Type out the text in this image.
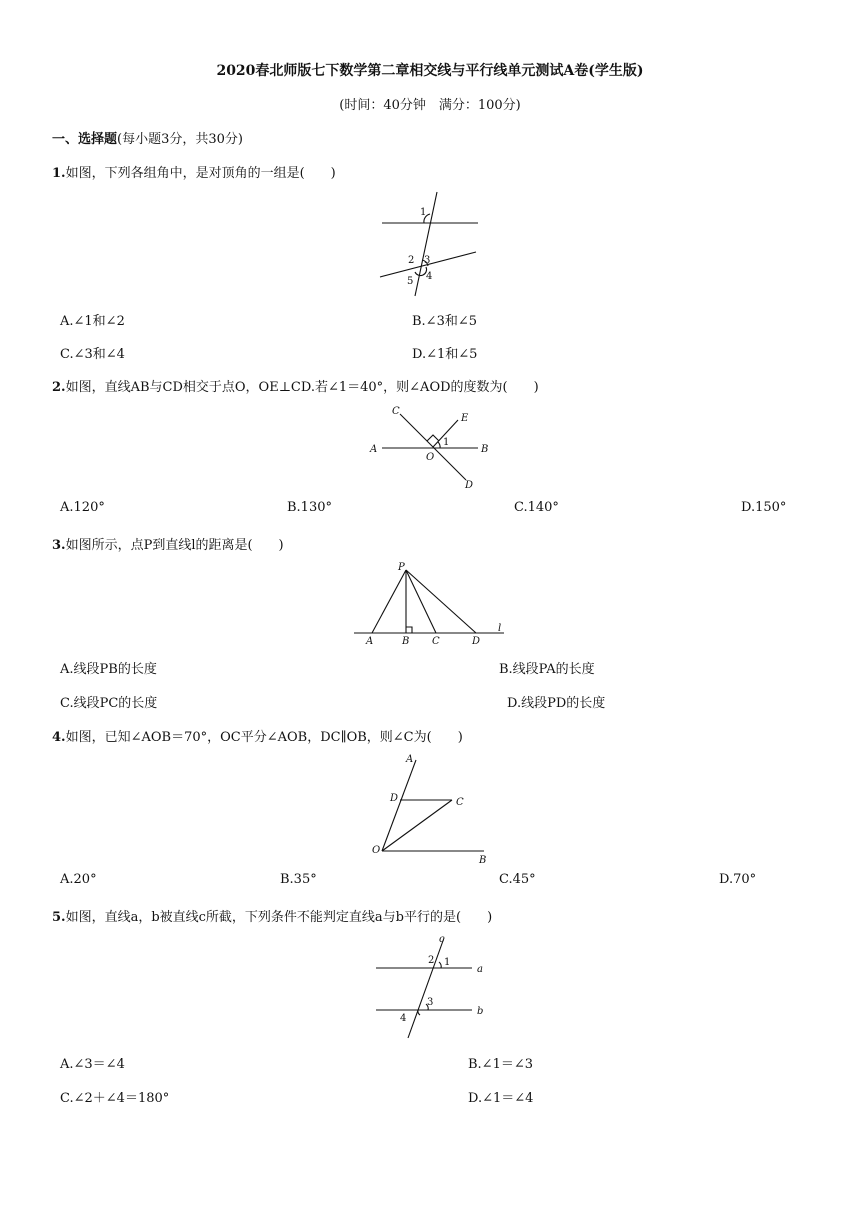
2020春北师版七下数学第二章相交线与平行线单元测试A卷(学生版)
(时间：40分钟　满分：100分)
一、选择题(每小题3分，共30分)
1.如图，下列各组角中，是对顶角的一组是(　　)
1
2 3
4
5
A.∠1和∠2	B.∠3和∠5
C.∠3和∠4	D.∠1和∠5
2.如图，直线AB与CD相交于点O，OE⊥CD.若∠1＝40°，则∠AOD的度数为(　　)
C
E
1
A
O
B
D
A.120°	B.130°	C.140°	D.150°
3.如图所示，点P到直线l的距离是(　　)
P
l
A	B C	D
A.线段PB的长度	B.线段PA的长度
C.线段PC的长度	D.线段PD的长度
4.如图，已知∠AOB＝70°，OC平分∠AOB，DC∥OB，则∠C为(　　)
A
D	C
O
B
A.20°	B.35°	C.45°	D.70°
5.如图，直线a，b被直线c所截，下列条件不能判定直线a与b平行的是(　　)
c
2 1
a
3
b
4
A.∠3＝∠4	B.∠1＝∠3
C.∠2＋∠4＝180°	D.∠1＝∠4
